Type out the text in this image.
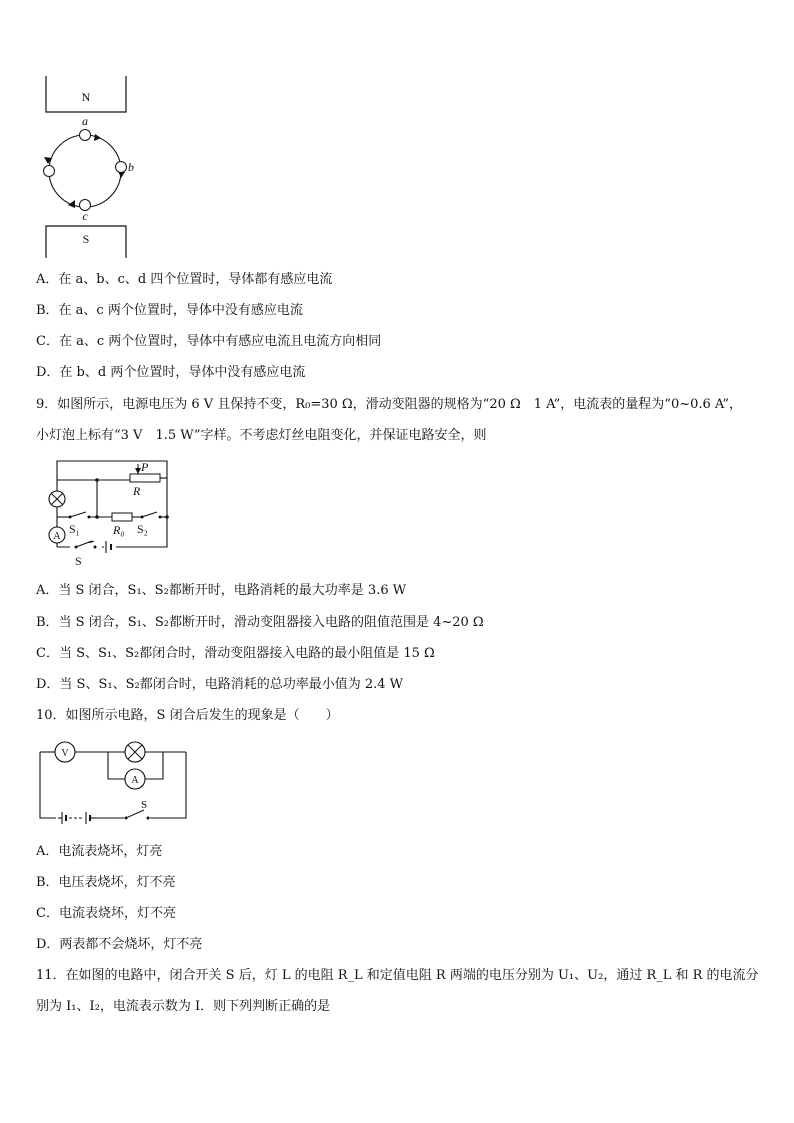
N
a
b
c
S
A．在 a、b、c、d 四个位置时，导体都有感应电流
B．在 a、c 两个位置时，导体中没有感应电流
C．在 a、c 两个位置时，导体中有感应电流且电流方向相同
D．在 b、d 两个位置时，导体中没有感应电流
9．如图所示，电源电压为 6 V 且保持不变，R₀=30 Ω，滑动变阻器的规格为“20 Ω　1 A”，电流表的量程为“0~0.6 A”，
小灯泡上标有“3 V　1.5 W”字样。不考虑灯丝电阻变化，并保证电路安全，则
P
R
S₁	R₀ S₂
A
S
A．当 S 闭合，S₁、S₂都断开时，电路消耗的最大功率是 3.6 W
B．当 S 闭合，S₁、S₂都断开时，滑动变阻器接入电路的阻值范围是 4~20 Ω
C．当 S、S₁、S₂都闭合时，滑动变阻器接入电路的最小阻值是 15 Ω
D．当 S、S₁、S₂都闭合时，电路消耗的总功率最小值为 2.4 W
10．如图所示电路，S 闭合后发生的现象是（　　）
V
A
S
A．电流表烧坏，灯亮
B．电压表烧坏，灯不亮
C．电流表烧坏，灯不亮
D．两表都不会烧坏，灯不亮
11．在如图的电路中，闭合开关 S 后，灯 L 的电阻 R_L 和定值电阻 R 两端的电压分别为 U₁、U₂，通过 R_L 和 R 的电流分
别为 I₁、I₂，电流表示数为 I．则下列判断正确的是
